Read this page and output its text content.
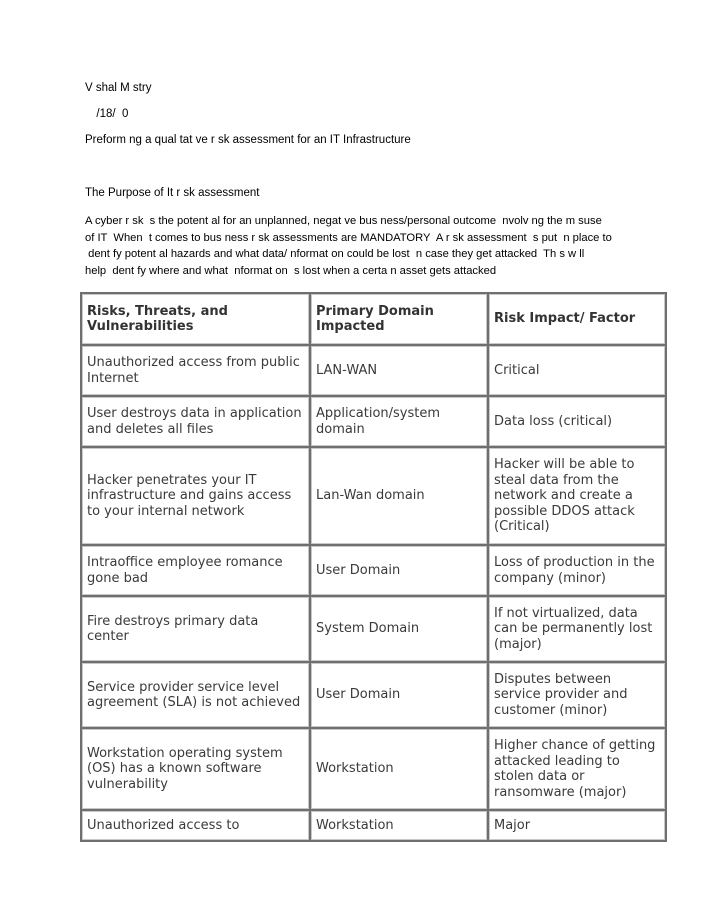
V shal M stry
/18/  0
Preform ng a qual tat ve r sk assessment for an IT Infrastructure
The Purpose of It r sk assessment
A cyber r sk  s the potent al for an unplanned, negat ve bus ness/personal outcome  nvolv ng the m suse
of IT  When  t comes to bus ness r sk assessments are MANDATORY  A r sk assessment  s put  n place to
dent fy potent al hazards and what data/ nformat on could be lost  n case they get attacked  Th s w ll
help  dent fy where and what  nformat on  s lost when a certa n asset gets attacked
Risks, Threats, and Vulnerabilities	Primary Domain Impacted	Risk Impact/ Factor
Unauthorized access from public Internet	LAN-WAN	Critical
User destroys data in application and deletes all files	Application/system domain	Data loss (critical)
Hacker penetrates your IT infrastructure and gains access to your internal network	Lan-Wan domain	Hacker will be able to steal data from the network and create a possible DDOS attack (Critical)
Intraoffice employee romance gone bad	User Domain	Loss of production in the company (minor)
Fire destroys primary data center	System Domain	If not virtualized, data can be permanently lost (major)
Service provider service level agreement (SLA) is not achieved	User Domain	Disputes between service provider and customer (minor)
Workstation operating system (OS) has a known software vulnerability	Workstation	Higher chance of getting attacked leading to stolen data or ransomware (major)
Unauthorized access to	Workstation	Major
